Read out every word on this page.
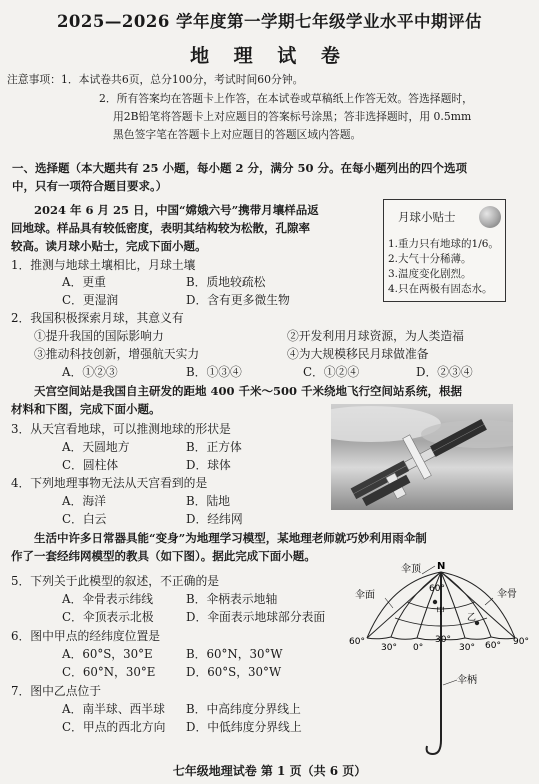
2025—2026 学年度第一学期七年级学业水平中期评估
地 理 试 卷
注意事项：1．本试卷共6页，总分100分，考试时间60分钟。
2．所有答案均在答题卡上作答，在本试卷或草稿纸上作答无效。答选择题时，
用2B铅笔将答题卡上对应题目的答案标号涂黑；答非选择题时，用 0.5mm
黑色签字笔在答题卡上对应题目的答题区域内答题。
一、选择题（本大题共有 25 小题，每小题 2 分，满分 50 分。在每小题列出的四个选项
中，只有一项符合题目要求。）
2024 年 6 月 25 日，中国“嫦娥六号”携带月壤样品返
回地球。样品具有较低密度，表明其结构较为松散，孔隙率
较高。读月球小贴士，完成下面小题。
月球小贴士
1.重力只有地球的1/6。
2.大气十分稀薄。
3.温度变化剧烈。
4.只在两极有固态水。
1．推测与地球土壤相比，月球土壤
A．更重	B．质地较疏松
C．更湿润	D．含有更多微生物
2．我国积极探索月球，其意义有
①提升我国的国际影响力	②开发利用月球资源，为人类造福
③推动科技创新，增强航天实力	④为大规模移民月球做准备
A．①②③	B．①③④	C．①②④	D．②③④
天宫空间站是我国自主研发的距地 400 千米～500 千米绕地飞行空间站系统，根据
材料和下图，完成下面小题。
3．从天宫看地球，可以推测地球的形状是
A．天圆地方	B．正方体
C．圆柱体	D．球体
4．下列地理事物无法从天宫看到的是
A．海洋	B．陆地
C．白云	D．经纬网
生活中许多日常器具能“变身”为地理学习模型，某地理老师就巧妙利用雨伞制
作了一套经纬网模型的教具（如下图）。据此完成下面小题。
5．下列关于此模型的叙述，不正确的是
A．伞骨表示纬线	B．伞柄表示地轴
C．伞顶表示北极	D．伞面表示地球部分表面
6．图中甲点的经纬度位置是
A．60°S，30°E	B．60°N，30°W
C．60°N，30°E	D．60°S，30°W
7．图中乙点位于
A．南半球、西半球 B．中高纬度分界线上
C．甲点的西北方向 D．中低纬度分界线上
伞顶 N
伞面	伞骨
60°
甲
乙
60°
30° 0°
30°
30° 60° 90°
伞柄
七年级地理试卷 第 1 页（共 6 页）
